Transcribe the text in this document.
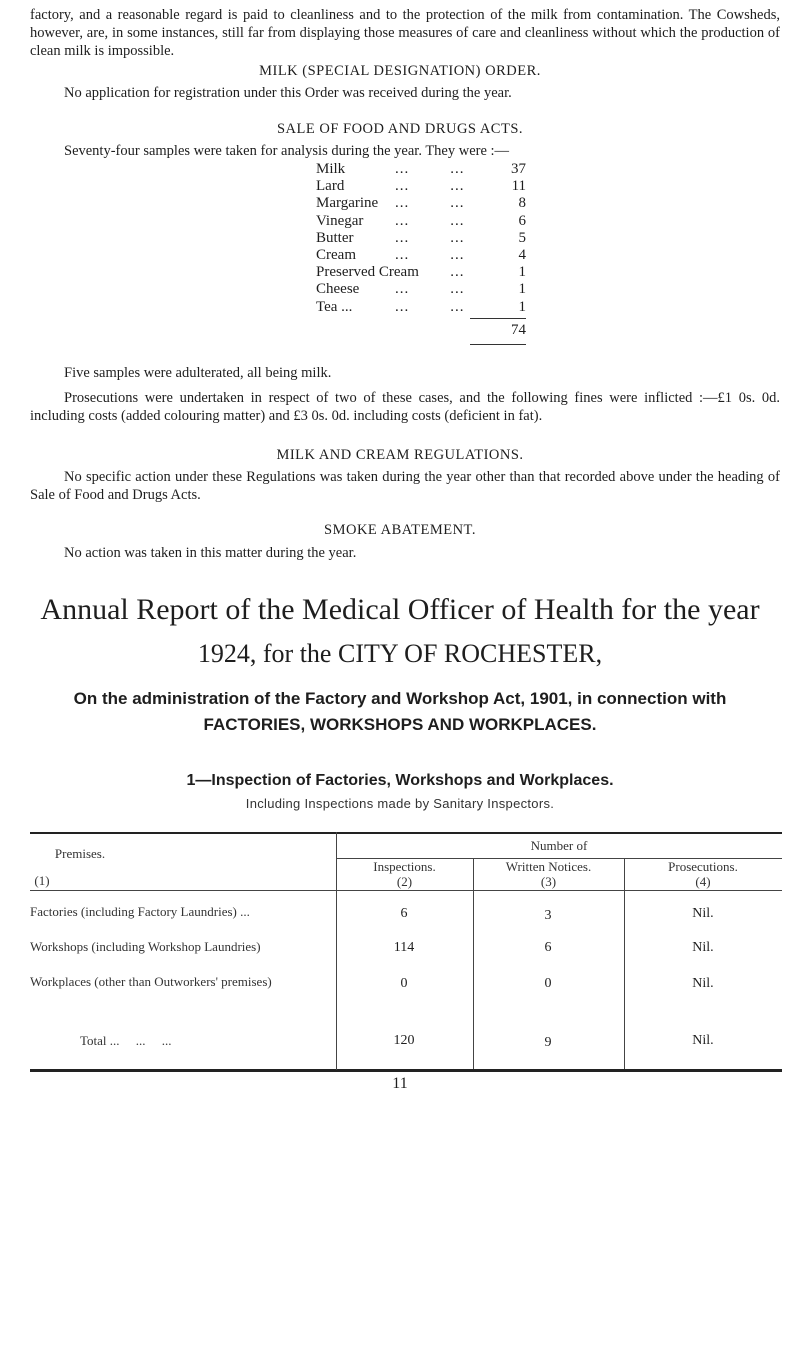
factory, and a reasonable regard is paid to cleanliness and to the protection of the milk from contamination. The Cowsheds, however, are, in some instances, still far from displaying those measures of care and cleanliness without which the production of clean milk is impossible.

MILK (SPECIAL DESIGNATION) ORDER.

No application for registration under this Order was received during the year.

SALE OF FOOD AND DRUGS ACTS.

Seventy-four samples were taken for analysis during the year. They were :—

Milk	...	...	37
Lard	...	...	11
Margarine	...	...	8
Vinegar	...	...	6
Butter	...	...	5
Cream	...	...	4
Preserved Cream	...	1
Cheese	...	...	1
Tea ...	...	...	1
74

Five samples were adulterated, all being milk.

Prosecutions were undertaken in respect of two of these cases, and the following fines were inflicted :—£1 0s. 0d. including costs (added colouring matter) and £3 0s. 0d. including costs (deficient in fat).

MILK AND CREAM REGULATIONS.

No specific action under these Regulations was taken during the year other than that recorded above under the heading of Sale of Food and Drugs Acts.

SMOKE ABATEMENT.

No action was taken in this matter during the year.

Annual Report of the Medical Officer of Health for the year
1924, for the CITY OF ROCHESTER,
On the administration of the Factory and Workshop Act, 1901, in connection with
FACTORIES, WORKSHOPS AND WORKPLACES.
1—Inspection of Factories, Workshops and Workplaces.
Including Inspections made by Sanitary Inspectors.
Premises.
(1)
Number of
Inspections.
(2)
Written Notices.
(3)
Prosecutions.
(4)
Factories (including Factory Laundries) ...	6	3	Nil.
Workshops (including Workshop Laundries)	114	6	Nil.
Workplaces (other than Outworkers' premises)	0	0	Nil.
Total ...     ...     ...	120	9	Nil.
11
